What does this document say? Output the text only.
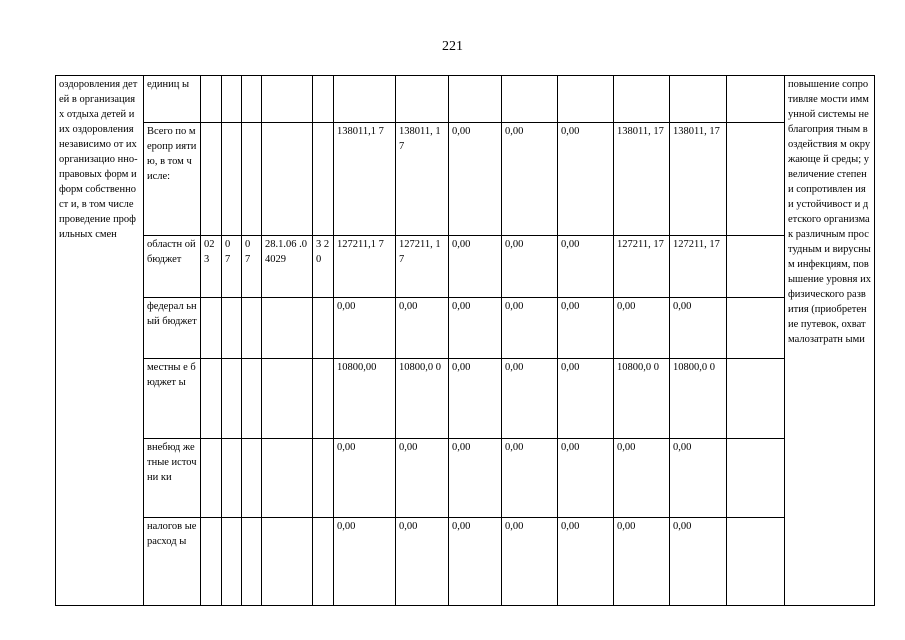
221
оздоровления детей в организациях отдыха детей и их оздоровления независимо от их организацио нно-правовых форм и форм собственност и, в том числе проведение профильных смен	единиц ы														повышение сопротивляе мости иммунной системы неблагоприя тным воздействия м окружающе й среды; увеличение степени сопротивлен ия и устойчивост и детского организма к различным простудным и вирусным инфекциям, повышение уровня их физического развития (приобретен ие путевок, охват малозатратн ыми
	Всего по меропр иятию, в том числе:						138011,1 7	138011, 17	0,00	0,00	0,00	138011, 17	138011, 17		
	областн ой бюджет	02 3	0 7	0 7	28.1.06 .04029	3 2 0	127211,1 7	127211, 17	0,00	0,00	0,00	127211, 17	127211, 17		
	федерал ьный бюджет						0,00	0,00	0,00	0,00	0,00	0,00	0,00		
	местны е бюджет ы						10800,00	10800,0 0	0,00	0,00	0,00	10800,0 0	10800,0 0		
	внебюд жетные источни ки						0,00	0,00	0,00	0,00	0,00	0,00	0,00		
	налогов ые расход ы						0,00	0,00	0,00	0,00	0,00	0,00	0,00		
